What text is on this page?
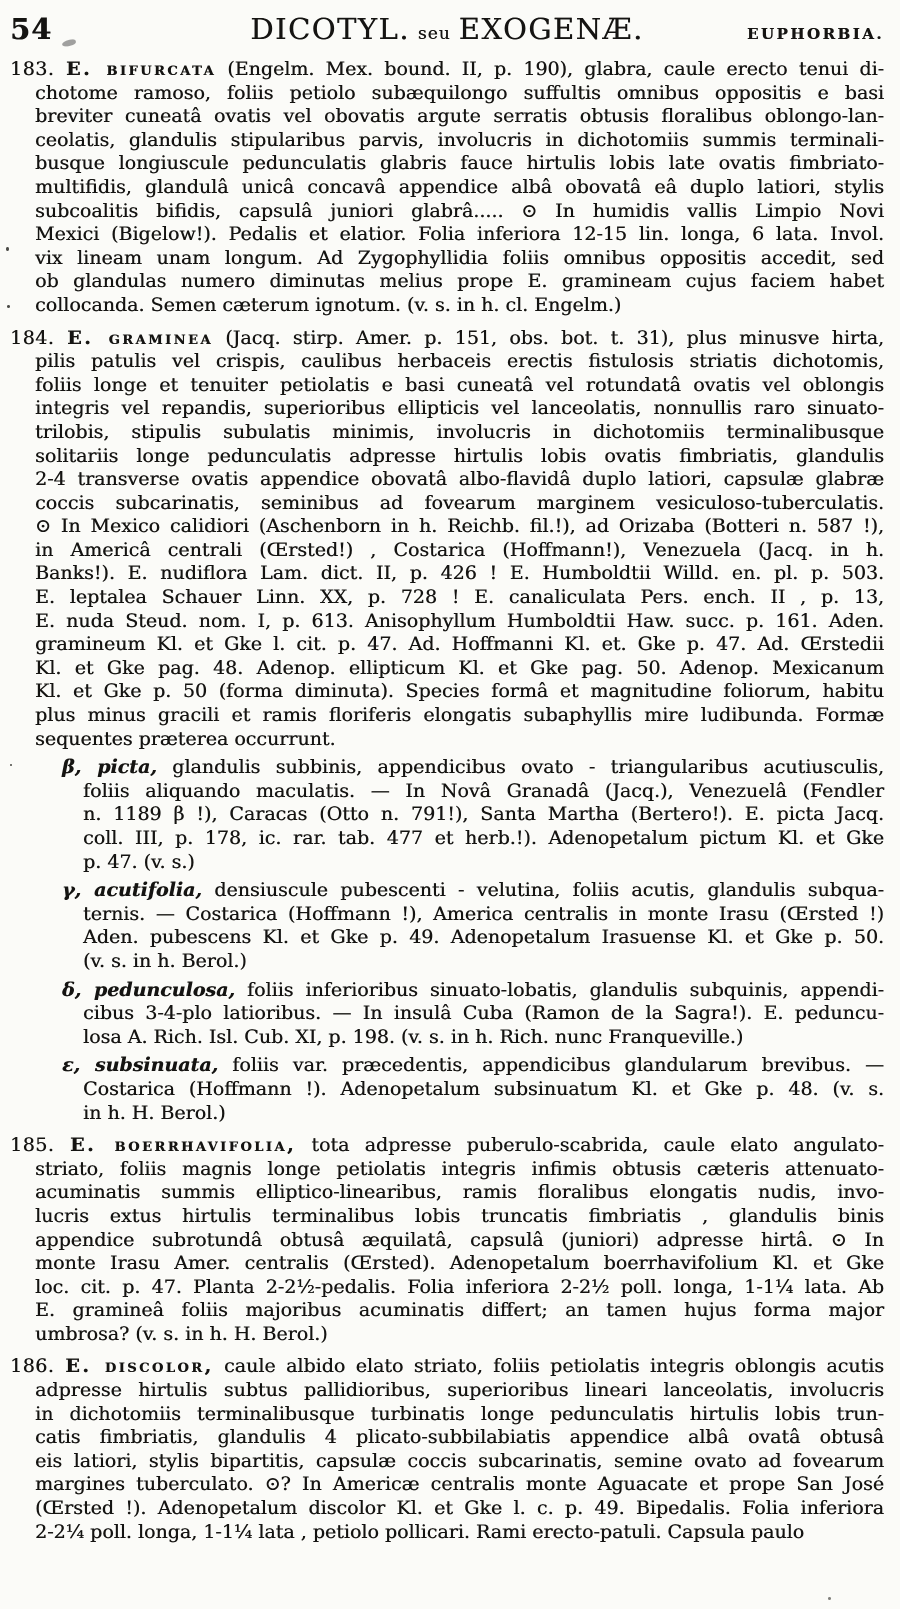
54	DICOTYL. seu EXOGENÆ.	EUPHORBIA.
183. E. bifurcata (Engelm. Mex. bound. II, p. 190), glabra, caule erecto tenui di-
chotome ramoso, foliis petiolo subæquilongo suffultis omnibus oppositis e basi
breviter cuneatâ ovatis vel obovatis argute serratis obtusis floralibus oblongo-lan-
ceolatis, glandulis stipularibus parvis, involucris in dichotomiis summis terminali-
busque longiuscule pedunculatis glabris fauce hirtulis lobis late ovatis fimbriato-
multifidis, glandulâ unicâ concavâ appendice albâ obovatâ eâ duplo latiori, stylis
subcoalitis bifidis, capsulâ juniori glabrâ..... ⊙ In humidis vallis Limpio Novi
Mexici (Bigelow!). Pedalis et elatior. Folia inferiora 12-15 lin. longa, 6 lata. Invol.
vix lineam unam longum. Ad Zygophyllidia foliis omnibus oppositis accedit, sed
ob glandulas numero diminutas melius prope E. gramineam cujus faciem habet
collocanda. Semen cæterum ignotum. (v. s. in h. cl. Engelm.)
184. E. graminea (Jacq. stirp. Amer. p. 151, obs. bot. t. 31), plus minusve hirta,
pilis patulis vel crispis, caulibus herbaceis erectis fistulosis striatis dichotomis,
foliis longe et tenuiter petiolatis e basi cuneatâ vel rotundatâ ovatis vel oblongis
integris vel repandis, superioribus ellipticis vel lanceolatis, nonnullis raro sinuato-
trilobis, stipulis subulatis minimis, involucris in dichotomiis terminalibusque
solitariis longe pedunculatis adpresse hirtulis lobis ovatis fimbriatis, glandulis
2-4 transverse ovatis appendice obovatâ albo-flavidâ duplo latiori, capsulæ glabræ
coccis subcarinatis, seminibus ad fovearum marginem vesiculoso-tuberculatis.
⊙ In Mexico calidiori (Aschenborn in h. Reichb. fil.!), ad Orizaba (Botteri n. 587 !),
in Americâ centrali (Œrsted!) , Costarica (Hoffmann!), Venezuela (Jacq. in h.
Banks!). E. nudiflora Lam. dict. II, p. 426 ! E. Humboldtii Willd. en. pl. p. 503.
E. leptalea Schauer Linn. XX, p. 728 ! E. canaliculata Pers. ench. II , p. 13,
E. nuda Steud. nom. I, p. 613. Anisophyllum Humboldtii Haw. succ. p. 161. Aden.
gramineum Kl. et Gke l. cit. p. 47. Ad. Hoffmanni Kl. et. Gke p. 47. Ad. Œrstedii
Kl. et Gke pag. 48. Adenop. ellipticum Kl. et Gke pag. 50. Adenop. Mexicanum
Kl. et Gke p. 50 (forma diminuta). Species formâ et magnitudine foliorum, habitu
plus minus gracili et ramis floriferis elongatis subaphyllis mire ludibunda. Formæ
sequentes præterea occurrunt.
β, picta, glandulis subbinis, appendicibus ovato - triangularibus acutiusculis,
foliis aliquando maculatis. — In Novâ Granadâ (Jacq.), Venezuelâ (Fendler
n. 1189 β !), Caracas (Otto n. 791!), Santa Martha (Bertero!). E. picta Jacq.
coll. III, p. 178, ic. rar. tab. 477 et herb.!). Adenopetalum pictum Kl. et Gke
p. 47. (v. s.)
γ, acutifolia, densiuscule pubescenti - velutina, foliis acutis, glandulis subqua-
ternis. — Costarica (Hoffmann !), America centralis in monte Irasu (Œrsted !)
Aden. pubescens Kl. et Gke p. 49. Adenopetalum Irasuense Kl. et Gke p. 50.
(v. s. in h. Berol.)
δ, pedunculosa, foliis inferioribus sinuato-lobatis, glandulis subquinis, appendi-
cibus 3-4-plo latioribus. — In insulâ Cuba (Ramon de la Sagra!). E. peduncu-
losa A. Rich. Isl. Cub. XI, p. 198. (v. s. in h. Rich. nunc Franqueville.)
ε, subsinuata, foliis var. præcedentis, appendicibus glandularum brevibus. —
Costarica (Hoffmann !). Adenopetalum subsinuatum Kl. et Gke p. 48. (v. s.
in h. H. Berol.)
185. E. boerrhavifolia, tota adpresse puberulo-scabrida, caule elato angulato-
striato, foliis magnis longe petiolatis integris infimis obtusis cæteris attenuato-
acuminatis summis elliptico-linearibus, ramis floralibus elongatis nudis, invo-
lucris extus hirtulis terminalibus lobis truncatis fimbriatis , glandulis binis
appendice subrotundâ obtusâ æquilatâ, capsulâ (juniori) adpresse hirtâ. ⊙ In
monte Irasu Amer. centralis (Œrsted). Adenopetalum boerrhavifolium Kl. et Gke
loc. cit. p. 47. Planta 2-2½-pedalis. Folia inferiora 2-2½ poll. longa, 1-1¼ lata. Ab
E. gramineâ foliis majoribus acuminatis differt; an tamen hujus forma major
umbrosa? (v. s. in h. H. Berol.)
186. E. discolor, caule albido elato striato, foliis petiolatis integris oblongis acutis
adpresse hirtulis subtus pallidioribus, superioribus lineari lanceolatis, involucris
in dichotomiis terminalibusque turbinatis longe pedunculatis hirtulis lobis trun-
catis fimbriatis, glandulis 4 plicato-subbilabiatis appendice albâ ovatâ obtusâ
eis latiori, stylis bipartitis, capsulæ coccis subcarinatis, semine ovato ad fovearum
margines tuberculato. ⊙? In Americæ centralis monte Aguacate et prope San José
(Œrsted !). Adenopetalum discolor Kl. et Gke l. c. p. 49. Bipedalis. Folia inferiora
2-2¼ poll. longa, 1-1¼ lata , petiolo pollicari. Rami erecto-patuli. Capsula paulo
